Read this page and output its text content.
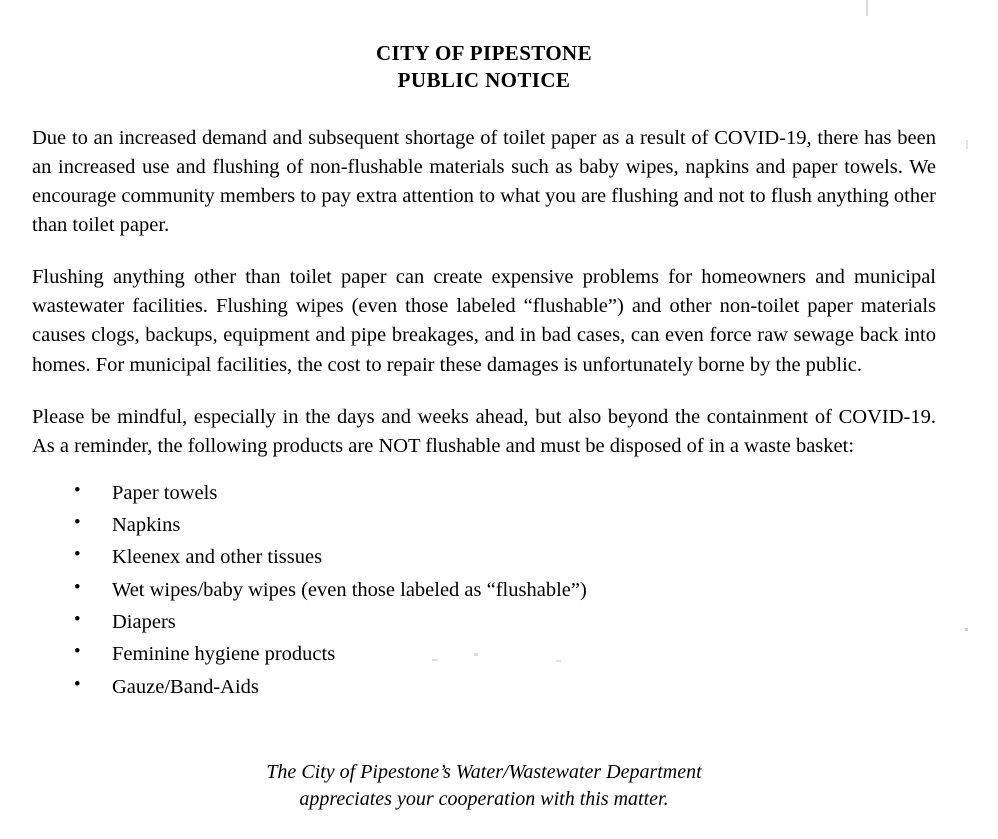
CITY OF PIPESTONE
PUBLIC NOTICE

Due to an increased demand and subsequent shortage of toilet paper as a result of COVID-19, there has been an increased use and flushing of non-flushable materials such as baby wipes, napkins and paper towels. We encourage community members to pay extra attention to what you are flushing and not to flush anything other than toilet paper.

Flushing anything other than toilet paper can create expensive problems for homeowners and municipal wastewater facilities. Flushing wipes (even those labeled “flushable”) and other non-toilet paper materials causes clogs, backups, equipment and pipe breakages, and in bad cases, can even force raw sewage back into homes. For municipal facilities, the cost to repair these damages is unfortunately borne by the public.

Please be mindful, especially in the days and weeks ahead, but also beyond the containment of COVID-19. As a reminder, the following products are NOT flushable and must be disposed of in a waste basket:

• Paper towels
• Napkins
• Kleenex and other tissues
• Wet wipes/baby wipes (even those labeled as “flushable”)
• Diapers
• Feminine hygiene products
• Gauze/Band-Aids
The City of Pipestone’s Water/Wastewater Department
appreciates your cooperation with this matter.
